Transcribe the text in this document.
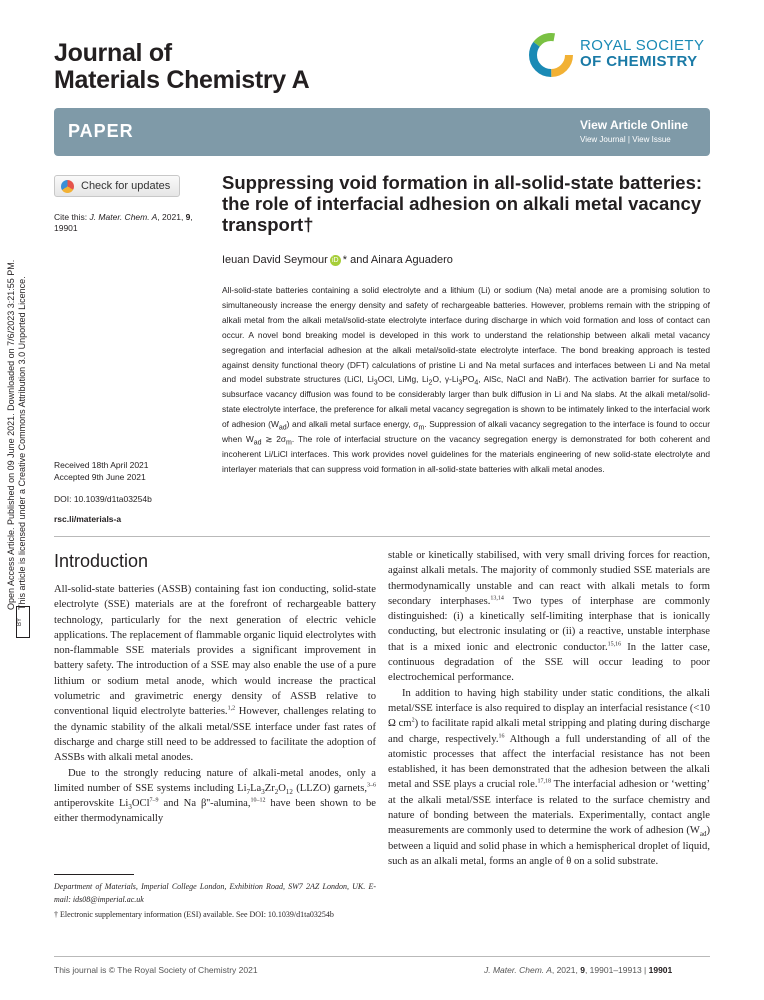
Journal of
Materials Chemistry A
ROYAL SOCIETY
OF CHEMISTRY
PAPER	View Article Online
View Journal | View Issue
Open Access Article. Published on 09 June 2021. Downloaded on 7/6/2023 3:21:55 PM. This article is licensed under a Creative Commons Attribution 3.0 Unported Licence.
BY
Check for updates
Cite this: J. Mater. Chem. A, 2021, 9, 19901
Suppressing void formation in all-solid-state batteries: the role of interfacial adhesion on alkali metal vacancy transport†
Ieuan David Seymour iD * and Ainara Aguadero
All-solid-state batteries containing a solid electrolyte and a lithium (Li) or sodium (Na) metal anode are a promising solution to simultaneously increase the energy density and safety of rechargeable batteries. However, problems remain with the stripping of alkali metal from the alkali metal/solid-state electrolyte interface during discharge in which void formation and loss of contact can occur. A novel bond breaking model is developed in this work to understand the relationship between alkali metal vacancy segregation and interfacial adhesion at the alkali metal/solid-state electrolyte interface. The bond breaking approach is tested against density functional theory (DFT) calculations of pristine Li and Na metal surfaces and interfaces between Li and Na metal and model substrate structures (LiCl, $Li_3OCl$, LiMg, $Li_2O$, $\gamma-Li_3PO_4$, AlSc, NaCl and NaBr). The activation barrier for surface to subsurface vacancy diffusion was found to be considerably larger than bulk diffusion in Li and Na slabs. At the alkali metal/solid-state electrolyte interface, the preference for alkali metal vacancy segregation is shown to be intimately linked to the interfacial work of adhesion $(W_{ad})$ and alkali metal surface energy, $\sigma_m$. Suppression of alkali vacancy segregation to the interface is found to occur when $W_{ad}$ ≳ $2\sigma_m$. The role of interfacial structure on the vacancy segregation energy is demonstrated for both coherent and incoherent Li/LiCl interfaces. This work provides novel guidelines for the materials engineering of new solid-state electrolyte and interlayer materials that can suppress void formation in all-solid-state batteries with alkali metal anodes.
Received 18th April 2021
Accepted 9th June 2021
DOI: 10.1039/d1ta03254b
rsc.li/materials-a
Introduction

All-solid-state batteries (ASSB) containing fast ion conducting, solid-state electrolyte (SSE) materials are at the forefront of rechargeable battery technology, particularly for the next generation of electric vehicle applications. The replacement of flammable organic liquid electrolytes with non-flammable SSE materials provides a significant improvement in battery safety. The introduction of a SSE may also enable the use of a pure lithium or sodium metal anode, which would increase the practical volumetric and gravimetric energy density of ASSB relative to conventional liquid electrolyte batteries.$^{1,2}$ However, challenges relating to the dynamic stability of the alkali metal/SSE interface under fast rates of discharge and charge still need to be addressed to facilitate the adoption of ASSBs with alkali metal anodes.

Due to the strongly reducing nature of alkali-metal anodes, only a limited number of SSE systems including $Li_7La_3Zr_2O_{12}$ (LLZO) garnets,$^{3-6}$ antiperovskite $Li_3OCl^{7-9}$ and Na β''-alumina,$^{10-12}$ have been shown to be either thermodynamically

Department of Materials, Imperial College London, Exhibition Road, SW7 2AZ London, UK. E-mail: ids08@imperial.ac.uk
† Electronic supplementary information (ESI) available. See DOI: 10.1039/d1ta03254b

stable or kinetically stabilised, with very small driving forces for reaction, against alkali metals. The majority of commonly studied SSE materials are thermodynamically unstable and can react with alkali metals to form secondary interphases.$^{13,14}$ Two types of interphase are commonly distinguished: (i) a kinetically self-limiting interphase that is ionically conducting, but electronic insulating or (ii) a reactive, unstable interphase that is a mixed ionic and electronic conductor.$^{15,16}$ In the latter case, continuous degradation of the SSE will occur leading to poor electrochemical performance.

In addition to having high stability under static conditions, the alkali metal/SSE interface is also required to display an interfacial resistance (<10 Ω $cm^2$) to facilitate rapid alkali metal stripping and plating during discharge and charge, respectively.$^{16}$ Although a full understanding of all of the atomistic processes that affect the interfacial resistance has not been established, it has been demonstrated that the adhesion between the alkali metal and SSE plays a crucial role.$^{17,18}$ The interfacial adhesion or ‘wetting’ at the alkali metal/SSE interface is related to the surface chemistry and nature of bonding between the materials. Experimentally, contact angle measurements are commonly used to determine the work of adhesion $(W_{ad})$ between a liquid and solid phase in which a hemispherical droplet of liquid, such as an alkali metal, forms an angle of θ on a solid substrate.

This journal is © The Royal Society of Chemistry 2021	J. Mater. Chem. A, 2021, 9, 19901–19913 | 19901
